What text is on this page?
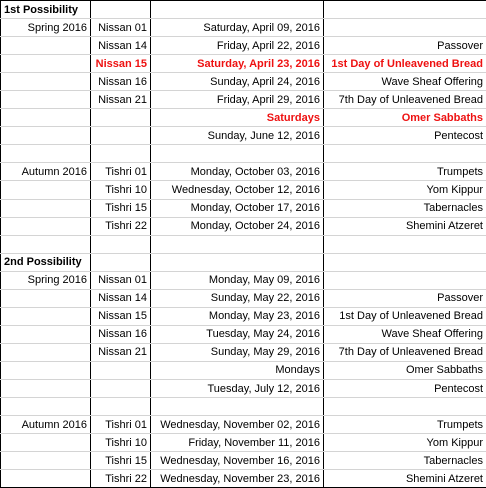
1st Possibility			
Spring 2016	Nissan 01	Saturday, April 09, 2016	
	Nissan 14	Friday, April 22, 2016	Passover
	Nissan 15	Saturday, April 23, 2016	1st Day of Unleavened Bread
	Nissan 16	Sunday, April 24, 2016	Wave Sheaf Offering
	Nissan 21	Friday, April 29, 2016	7th Day of Unleavened Bread
		Saturdays	Omer Sabbaths
		Sunday, June 12, 2016	Pentecost

Autumn 2016	Tishri 01	Monday, October 03, 2016	Trumpets
	Tishri 10	Wednesday, October 12, 2016	Yom Kippur
	Tishri 15	Monday, October 17, 2016	Tabernacles
	Tishri 22	Monday, October 24, 2016	Shemini Atzeret

2nd Possibility			
Spring 2016	Nissan 01	Monday, May 09, 2016	
	Nissan 14	Sunday, May 22, 2016	Passover
	Nissan 15	Monday, May 23, 2016	1st Day of Unleavened Bread
	Nissan 16	Tuesday, May 24, 2016	Wave Sheaf Offering
	Nissan 21	Sunday, May 29, 2016	7th Day of Unleavened Bread
		Mondays	Omer Sabbaths
		Tuesday, July 12, 2016	Pentecost

Autumn 2016	Tishri 01	Wednesday, November 02, 2016	Trumpets
	Tishri 10	Friday, November 11, 2016	Yom Kippur
	Tishri 15	Wednesday, November 16, 2016	Tabernacles
	Tishri 22	Wednesday, November 23, 2016	Shemini Atzeret
